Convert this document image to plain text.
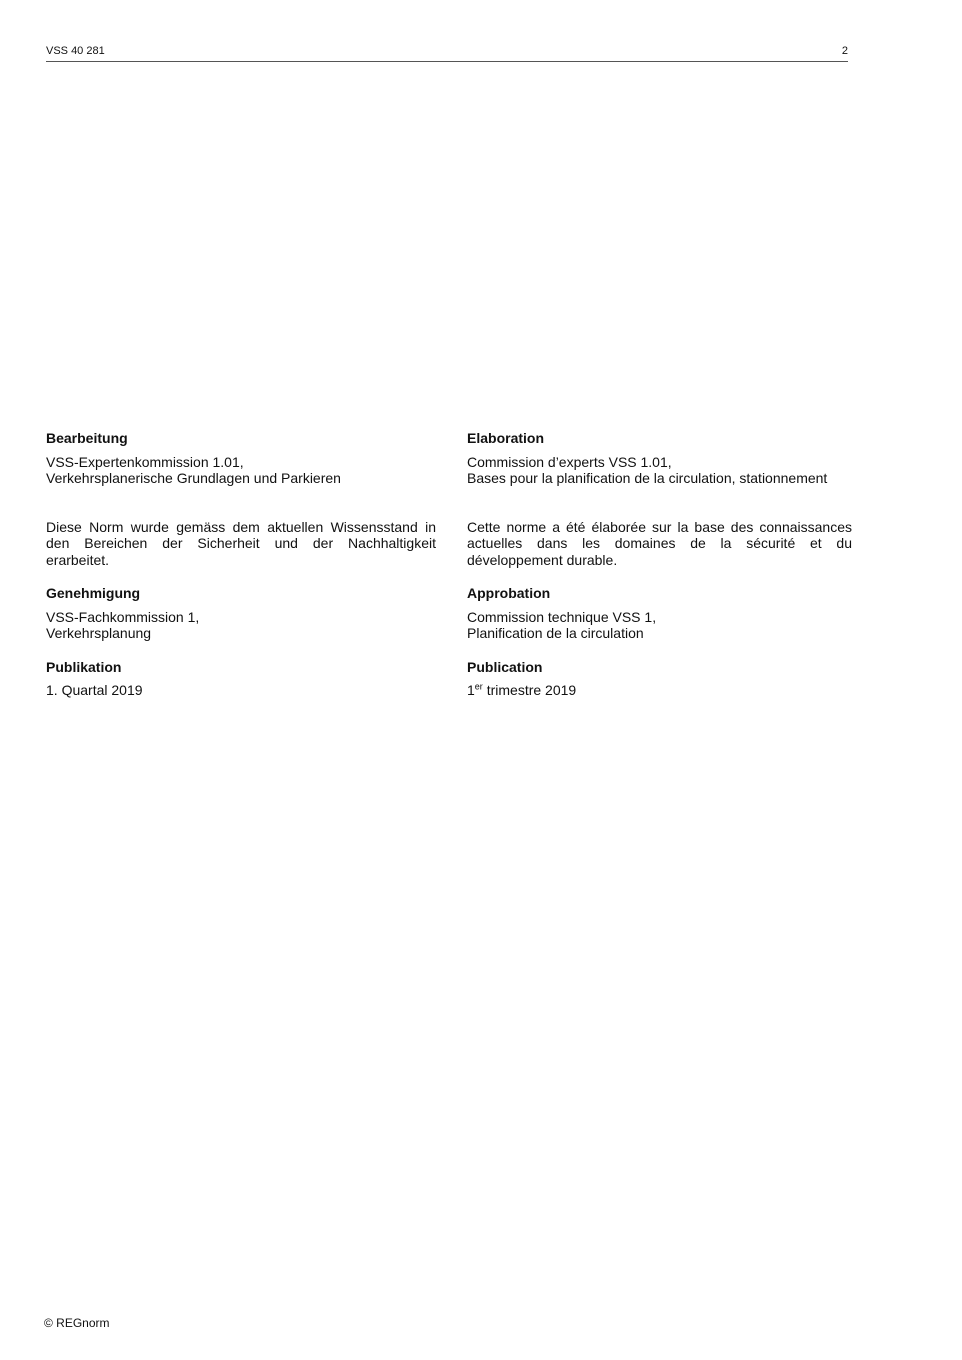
VSS 40 281	2
Bearbeitung
VSS-Expertenkommission 1.01,
Verkehrsplanerische Grundlagen und Parkieren
Diese Norm wurde gemäss dem aktuellen Wissensstand in den Bereichen der Sicherheit und der Nachhaltigkeit erarbeitet.
Genehmigung
VSS-Fachkommission 1,
Verkehrsplanung
Publikation
1. Quartal 2019
Elaboration
Commission d’experts VSS 1.01,
Bases pour la planification de la circulation, stationnement
Cette norme a été élaborée sur la base des connaissances actuelles dans les domaines de la sécurité et du développement durable.
Approbation
Commission technique VSS 1,
Planification de la circulation
Publication
1er trimestre 2019
© REGnorm
